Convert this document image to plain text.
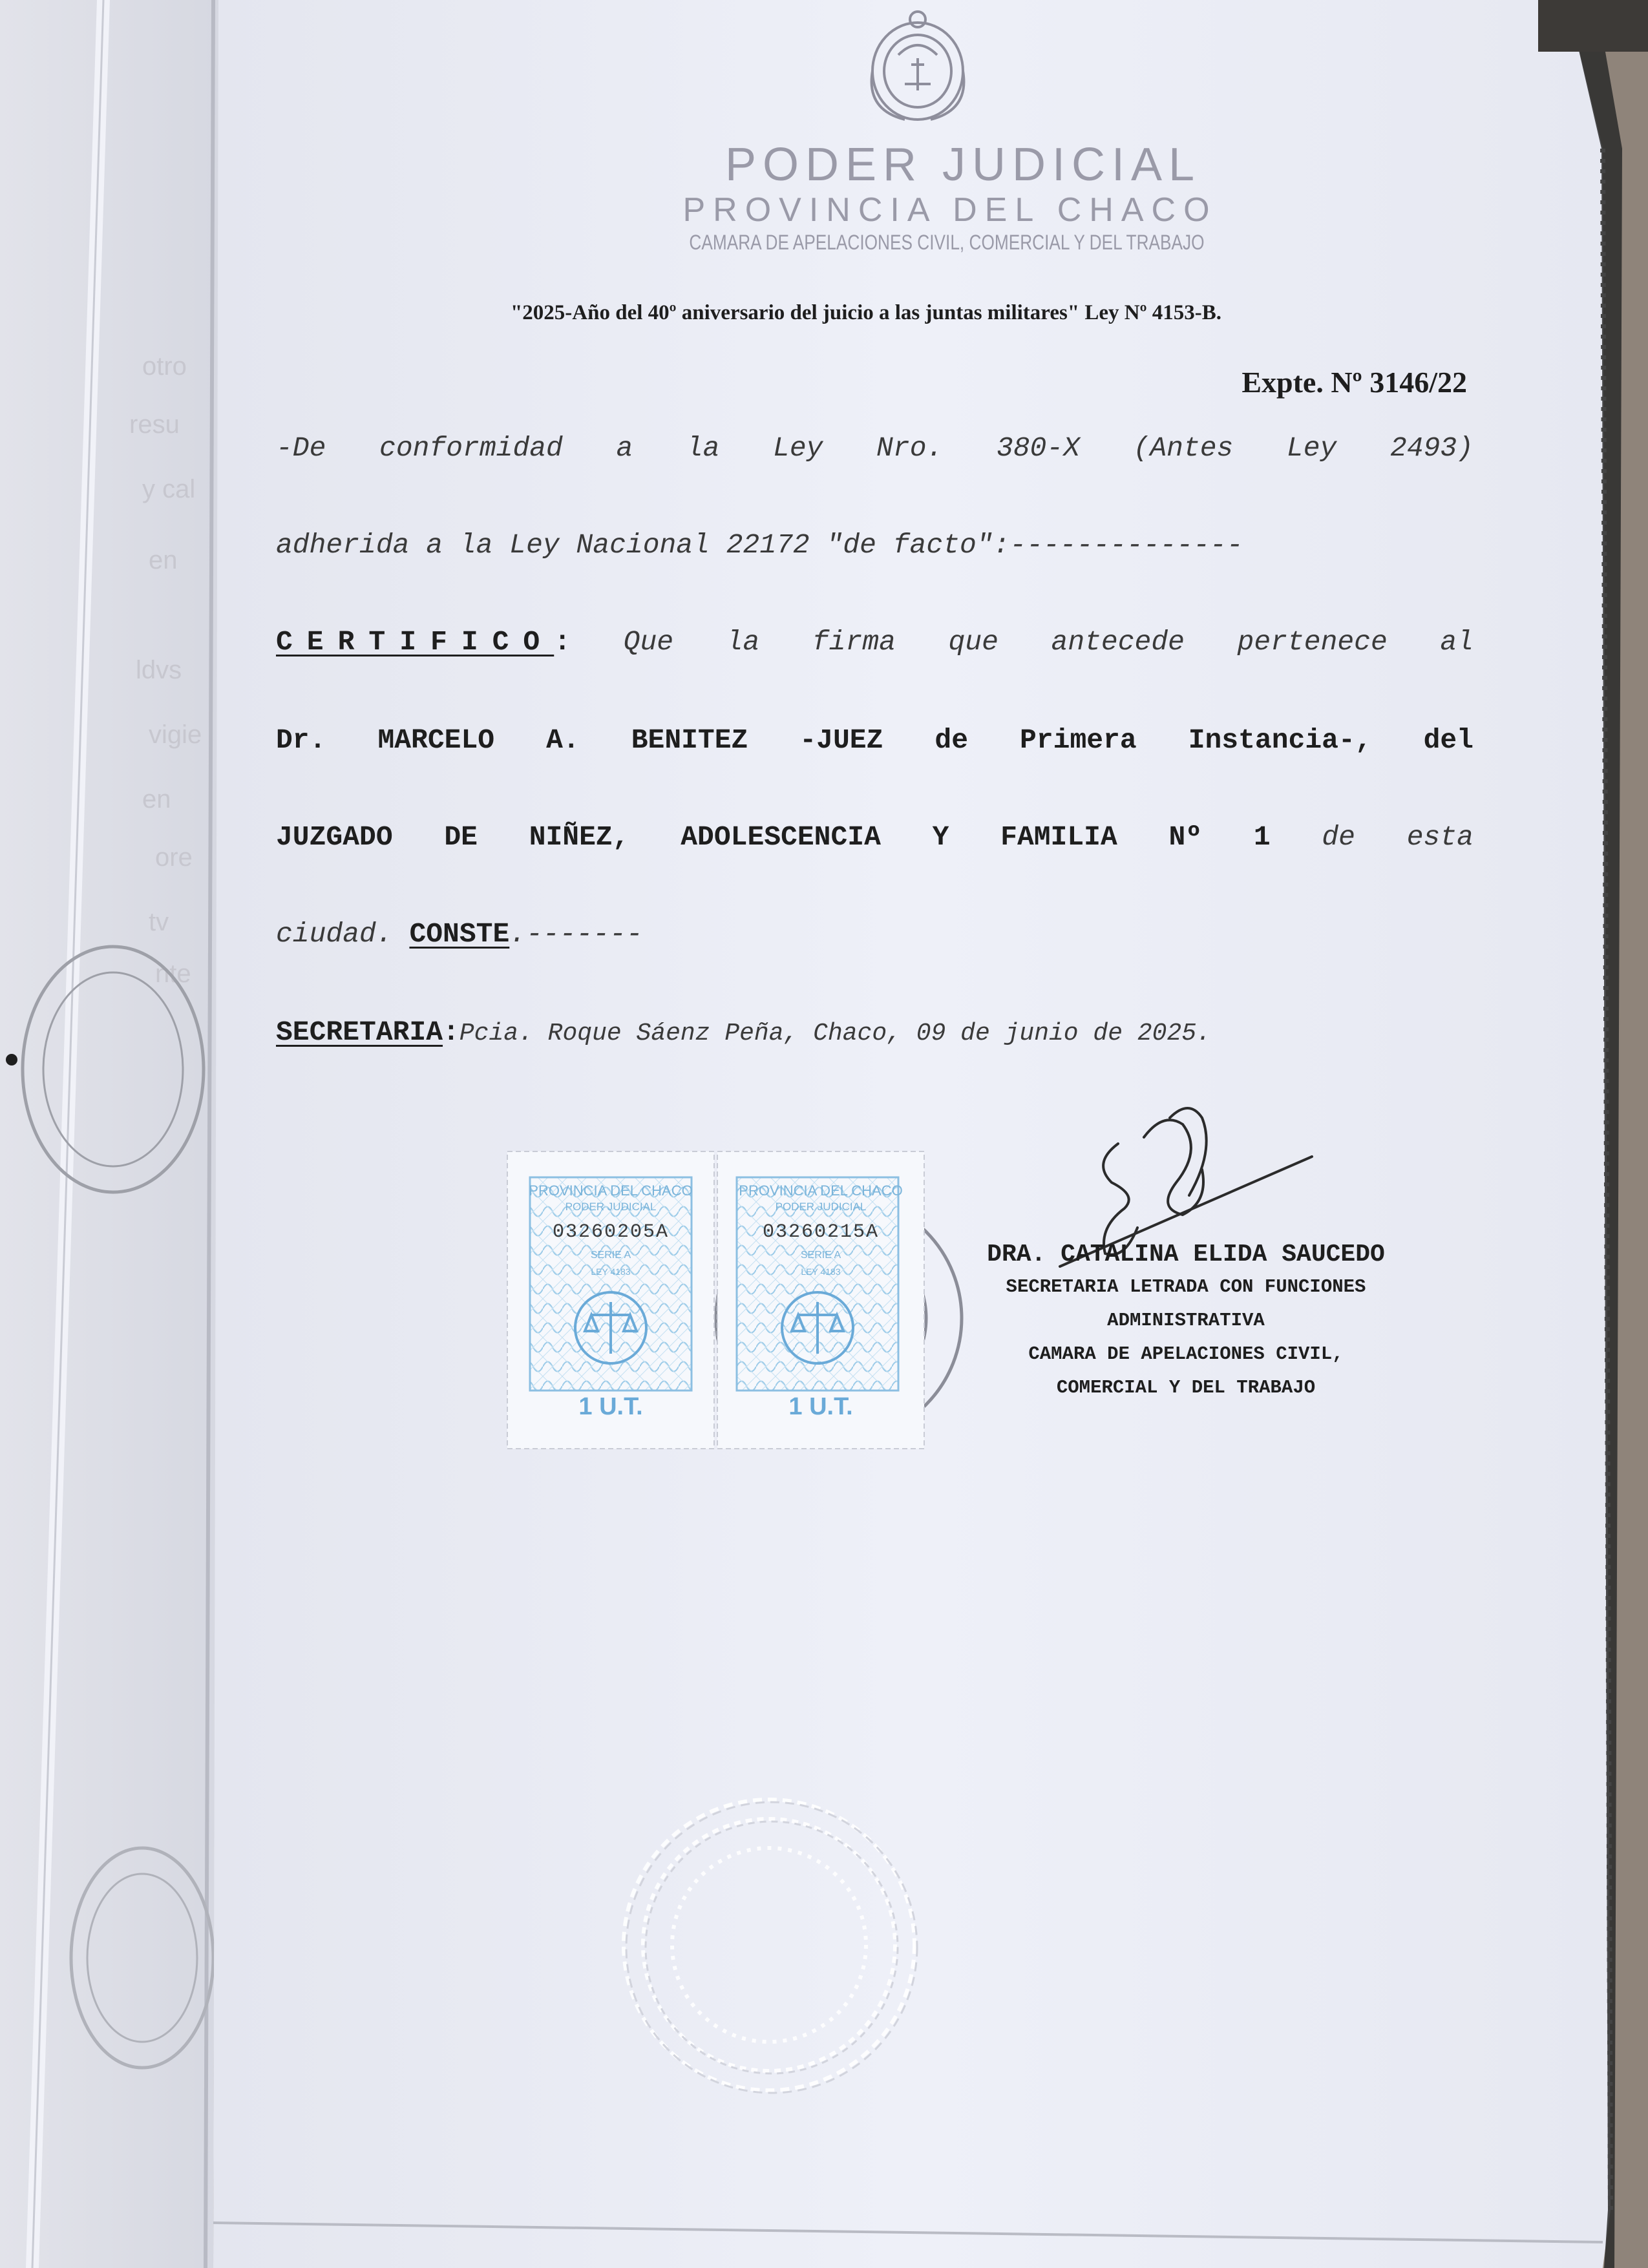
otro
resu
y cal
en
ldvs
vigie
en
ore
tv
nte
PODER JUDICIAL
PROVINCIA DEL CHACO
CAMARA DE APELACIONES CIVIL, COMERCIAL Y DEL TRABAJO
"2025-Año del 40º aniversario del juicio a las juntas militares" Ley Nº 4153-B.
Expte. Nº 3146/22
-De conformidad a la Ley Nro. 380-X (Antes Ley 2493)
adherida a la Ley Nacional 22172 "de facto":--------------
CERTIFICO: Que la firma que antecede pertenece al
Dr. MARCELO A. BENITEZ -JUEZ de Primera Instancia-, del
JUZGADO DE NIÑEZ, ADOLESCENCIA Y FAMILIA Nº 1 de esta
ciudad. CONSTE.-------
SECRETARIA:Pcia. Roque Sáenz Peña, Chaco, 09 de junio de 2025.
PROVINCIA DEL CHACO
PODER JUDICIAL
03260205A
SERIE A
LEY 4183
1 U.T.
PROVINCIA DEL CHACO
PODER JUDICIAL
03260215A
SERIE A
LEY 4183
1 U.T.
DRA. CATALINA ELIDA SAUCEDO
SECRETARIA LETRADA CON FUNCIONES
ADMINISTRATIVA
CAMARA DE APELACIONES CIVIL,
COMERCIAL Y DEL TRABAJO
